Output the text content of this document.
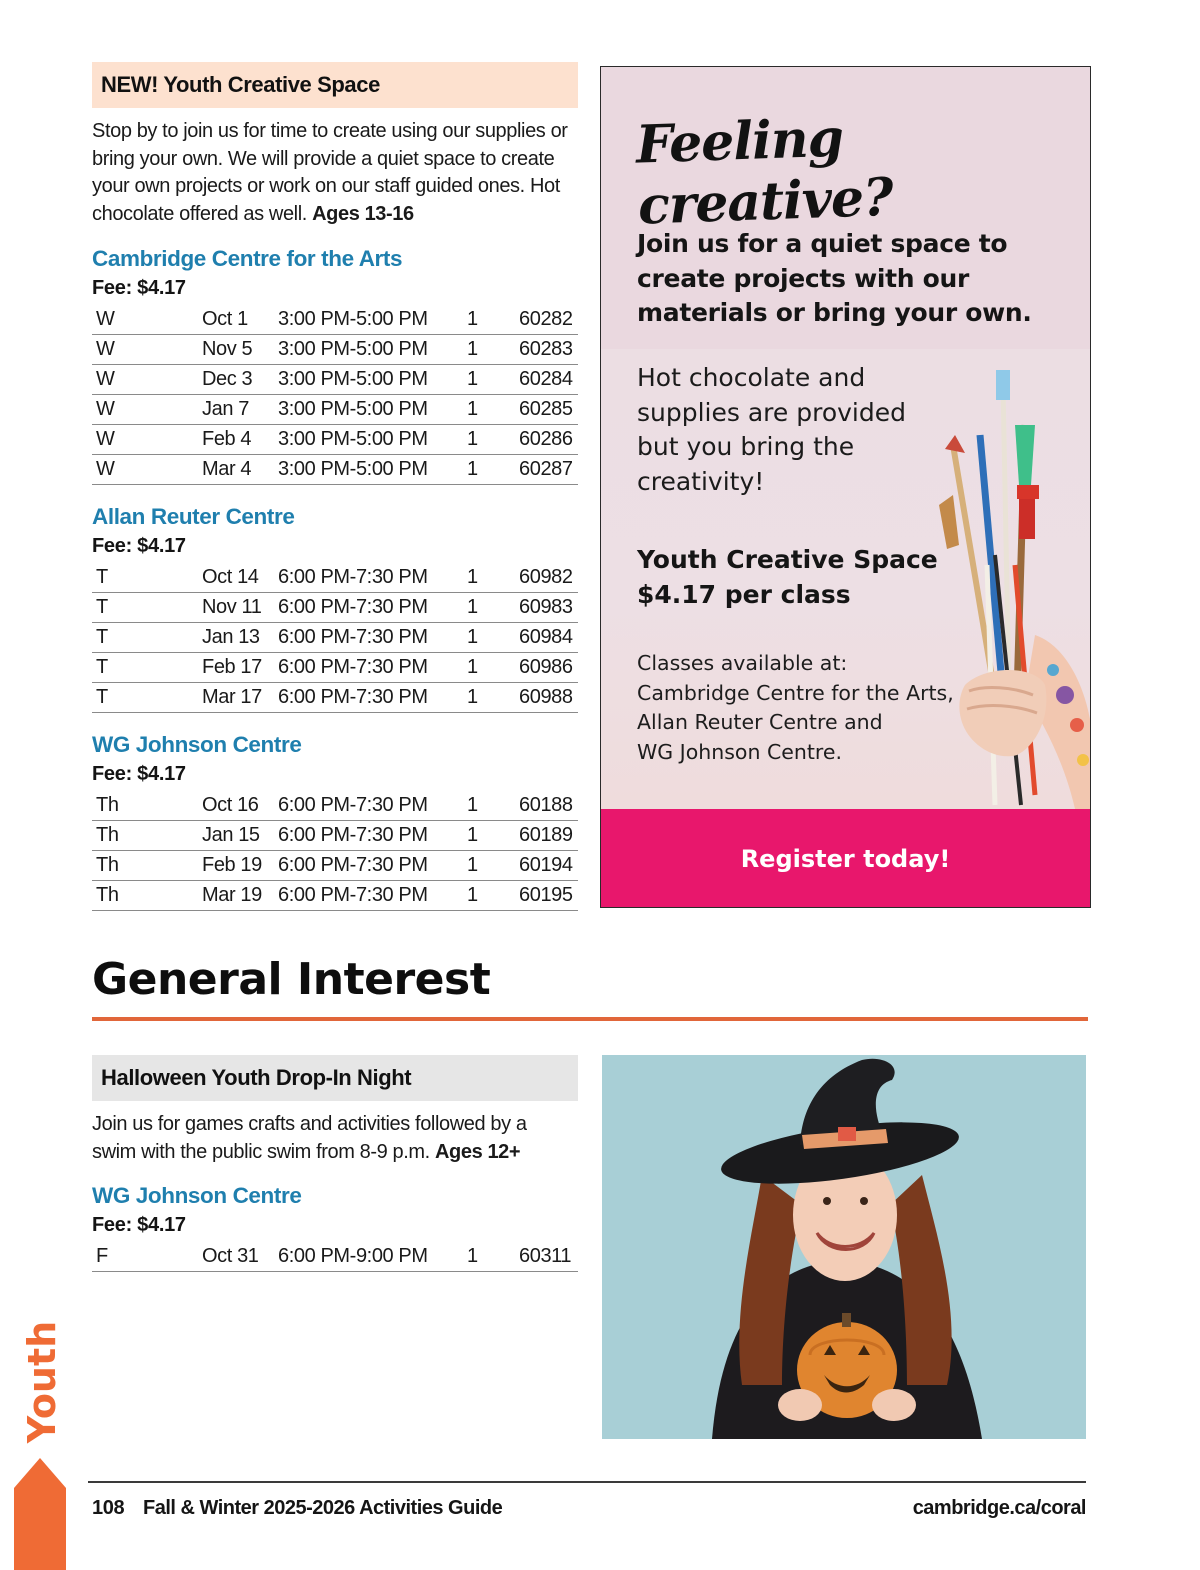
NEW! Youth Creative Space
Stop by to join us for time to create using our supplies or bring your own. We will provide a quiet space to create your own projects or work on our staff guided ones. Hot chocolate offered as well. Ages 13-16
Cambridge Centre for the Arts
Fee: $4.17
W	Oct 1	3:00 PM-5:00 PM	1	60282
W	Nov 5	3:00 PM-5:00 PM	1	60283
W	Dec 3	3:00 PM-5:00 PM	1	60284
W	Jan 7	3:00 PM-5:00 PM	1	60285
W	Feb 4	3:00 PM-5:00 PM	1	60286
W	Mar 4	3:00 PM-5:00 PM	1	60287
Allan Reuter Centre
Fee: $4.17
T	Oct 14	6:00 PM-7:30 PM	1	60982
T	Nov 11	6:00 PM-7:30 PM	1	60983
T	Jan 13	6:00 PM-7:30 PM	1	60984
T	Feb 17	6:00 PM-7:30 PM	1	60986
T	Mar 17	6:00 PM-7:30 PM	1	60988
WG Johnson Centre
Fee: $4.17
Th	Oct 16	6:00 PM-7:30 PM	1	60188
Th	Jan 15	6:00 PM-7:30 PM	1	60189
Th	Feb 19	6:00 PM-7:30 PM	1	60194
Th	Mar 19	6:00 PM-7:30 PM	1	60195
Feeling creative?
Join us for a quiet space to create projects with our materials or bring your own.
Hot chocolate and supplies are provided but you bring the creativity!
Youth Creative Space
$4.17 per class
Classes available at:
Cambridge Centre for the Arts,
Allan Reuter Centre and
WG Johnson Centre.
Register today!
General Interest
Halloween Youth Drop-In Night
Join us for games crafts and activities followed by a swim with the public swim from 8-9 p.m. Ages 12+
WG Johnson Centre
Fee: $4.17
F	Oct 31	6:00 PM-9:00 PM	1	60311
Youth
108 Fall & Winter 2025-2026 Activities Guide	cambridge.ca/coral
